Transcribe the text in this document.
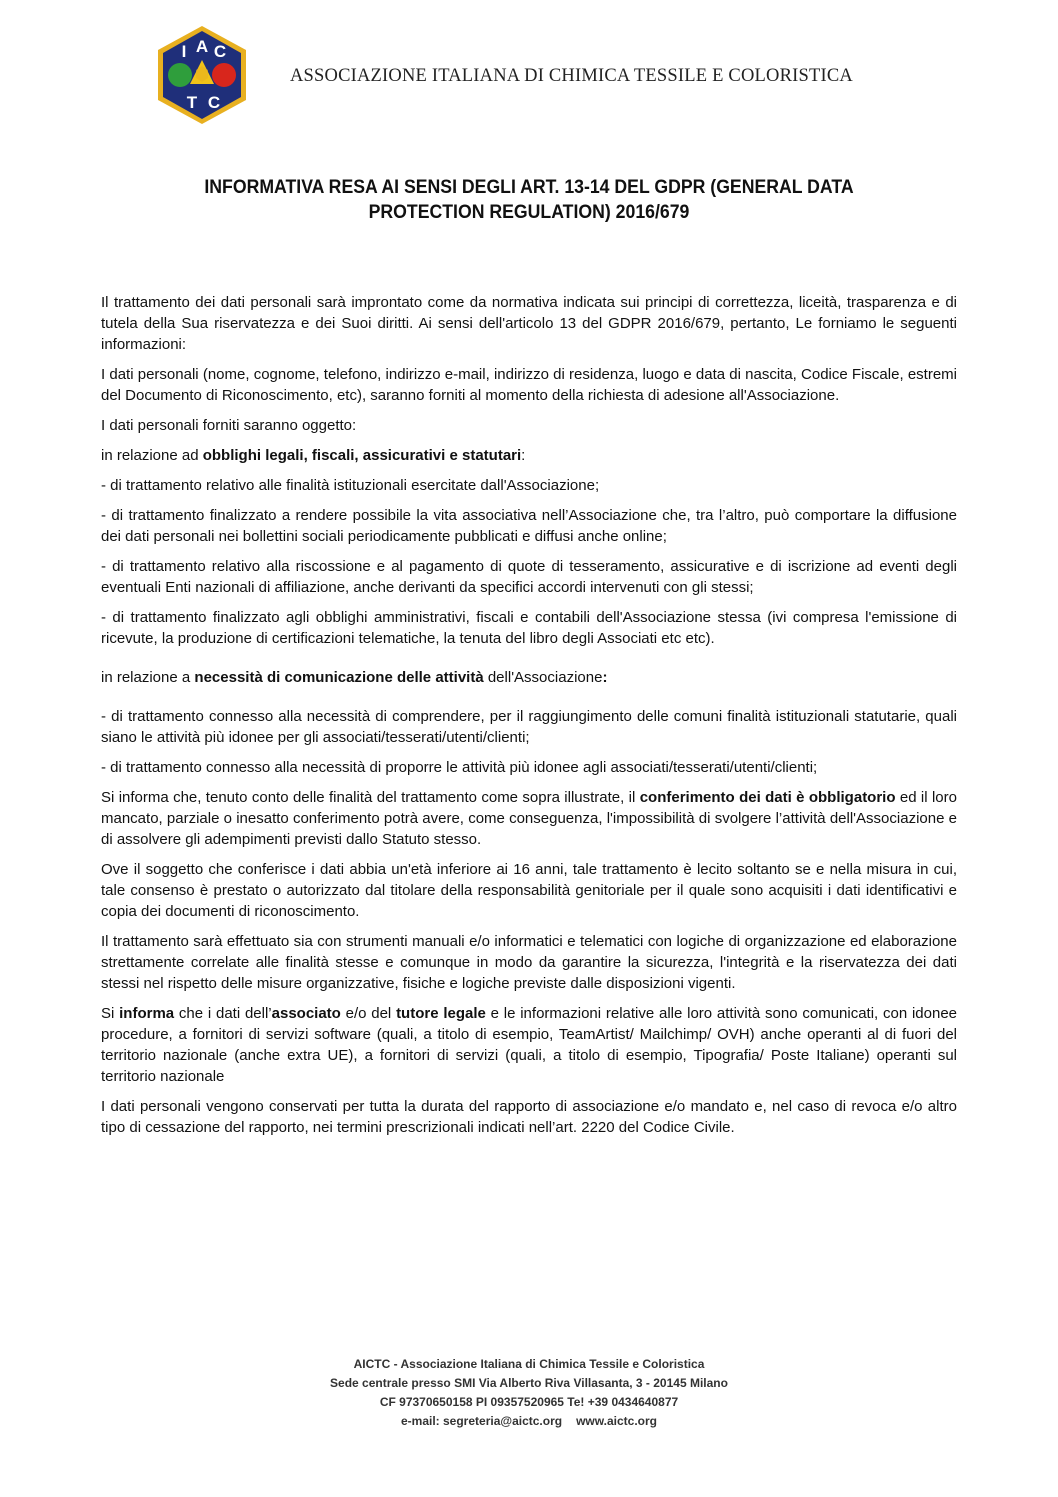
I A C
T C
ASSOCIAZIONE ITALIANA DI CHIMICA TESSILE E COLORISTICA
INFORMATIVA RESA AI SENSI DEGLI ART. 13-14 DEL GDPR (GENERAL DATA
PROTECTION REGULATION) 2016/679

Il trattamento dei dati personali sarà improntato come da normativa indicata sui principi di correttezza, liceità, trasparenza e di tutela della Sua riservatezza e dei Suoi diritti. Ai sensi dell'articolo 13 del GDPR 2016/679, pertanto, Le forniamo le seguenti informazioni:

I dati personali (nome, cognome, telefono, indirizzo e-mail, indirizzo di residenza, luogo e data di nascita, Codice Fiscale, estremi del Documento di Riconoscimento, etc), saranno forniti al momento della richiesta di adesione all'Associazione.

I dati personali forniti saranno oggetto:

in relazione ad obblighi legali, fiscali, assicurativi e statutari:

- di trattamento relativo alle finalità istituzionali esercitate dall'Associazione;

- di trattamento finalizzato a rendere possibile la vita associativa nell’Associazione che, tra l’altro, può comportare la diffusione dei dati personali nei bollettini sociali periodicamente pubblicati e diffusi anche online;

- di trattamento relativo alla riscossione e al pagamento di quote di tesseramento, assicurative e di iscrizione ad eventi degli eventuali Enti nazionali di affiliazione, anche derivanti da specifici accordi intervenuti con gli stessi;

- di trattamento finalizzato agli obblighi amministrativi, fiscali e contabili dell'Associazione stessa (ivi compresa l'emissione di ricevute, la produzione di certificazioni telematiche, la tenuta del libro degli Associati etc etc).

in relazione a necessità di comunicazione delle attività dell'Associazione:

- di trattamento connesso alla necessità di comprendere, per il raggiungimento delle comuni finalità istituzionali statutarie, quali siano le attività più idonee per gli associati/tesserati/utenti/clienti;

- di trattamento connesso alla necessità di proporre le attività più idonee agli associati/tesserati/utenti/clienti;

Si informa che, tenuto conto delle finalità del trattamento come sopra illustrate, il conferimento dei dati è obbligatorio ed il loro mancato, parziale o inesatto conferimento potrà avere, come conseguenza, l'impossibilità di svolgere l’attività dell'Associazione e di assolvere gli adempimenti previsti dallo Statuto stesso.

Ove il soggetto che conferisce i dati abbia un'età inferiore ai 16 anni, tale trattamento è lecito soltanto se e nella misura in cui, tale consenso è prestato o autorizzato dal titolare della responsabilità genitoriale per il quale sono acquisiti i dati identificativi e copia dei documenti di riconoscimento.

Il trattamento sarà effettuato sia con strumenti manuali e/o informatici e telematici con logiche di organizzazione ed elaborazione strettamente correlate alle finalità stesse e comunque in modo da garantire la sicurezza, l'integrità e la riservatezza dei dati stessi nel rispetto delle misure organizzative, fisiche e logiche previste dalle disposizioni vigenti.

Si informa che i dati dell’associato e/o del tutore legale e le informazioni relative alle loro attività sono comunicati, con idonee procedure, a fornitori di servizi software (quali, a titolo di esempio, TeamArtist/ Mailchimp/ OVH) anche operanti al di fuori del territorio nazionale (anche extra UE), a fornitori di servizi (quali, a titolo di esempio, Tipografia/ Poste Italiane) operanti sul territorio nazionale

I dati personali vengono conservati per tutta la durata del rapporto di associazione e/o mandato e, nel caso di revoca e/o altro tipo di cessazione del rapporto, nei termini prescrizionali indicati nell’art. 2220 del Codice Civile.

AICTC - Associazione Italiana di Chimica Tessile e Coloristica
Sede centrale presso SMI Via Alberto Riva Villasanta, 3 - 20145 Milano
CF 97370650158 PI 09357520965 Te! +39 0434640877
e-mail: segreteria@aictc.org www.aictc.org
